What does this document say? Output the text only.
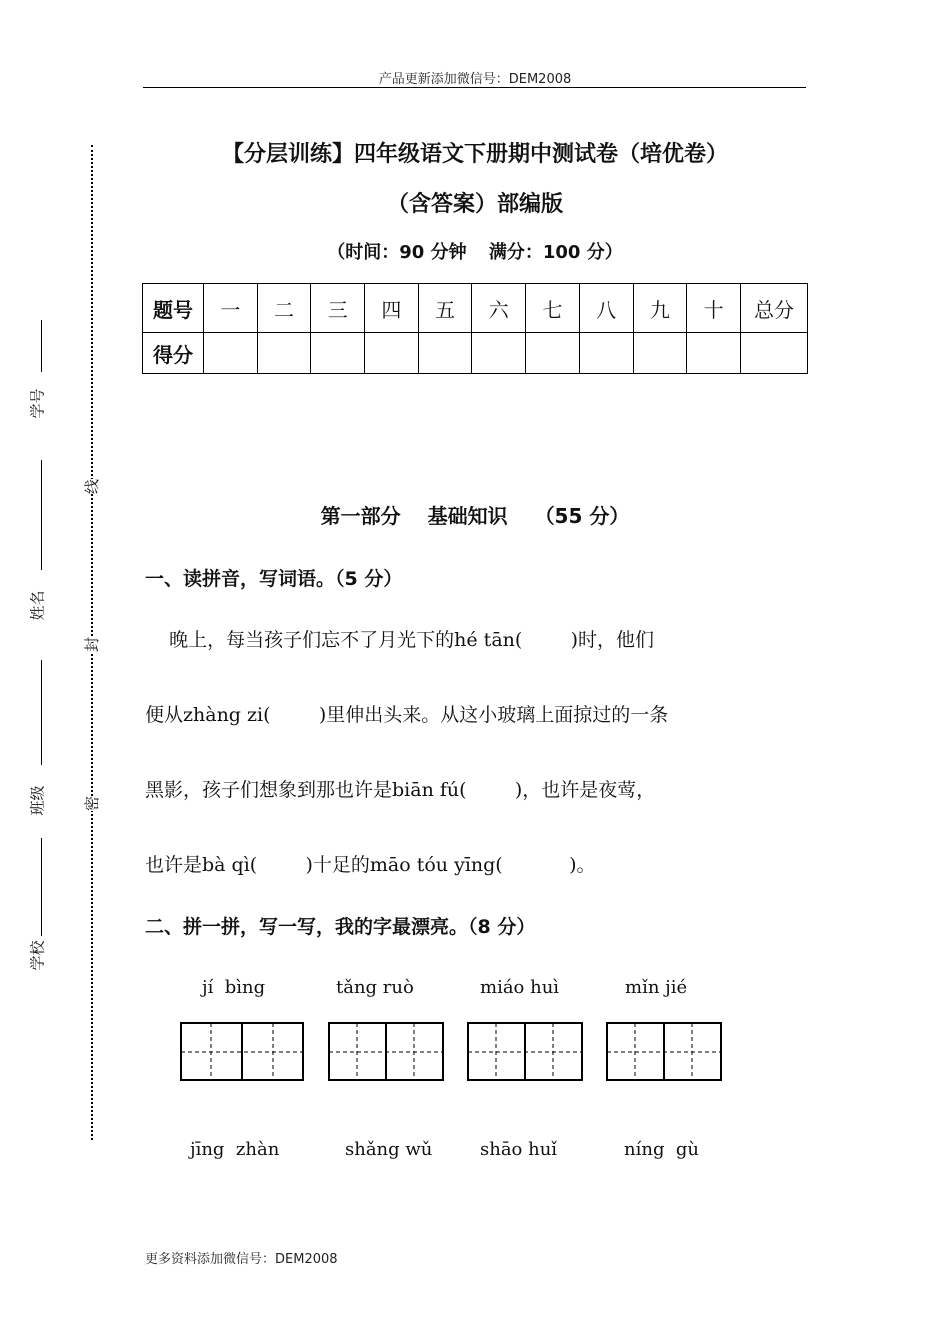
产品更新添加微信号：DEM2008
学校
班级
姓名
学号
密
封
线
【分层训练】四年级语文下册期中测试卷（培优卷）
（含答案）部编版
（时间：90 分钟 满分：100 分）
题号	一	二	三	四	五	六	七	八	九	十	总分
得分											
第一部分 基础知识 （55 分）
一、读拼音，写词语。（5 分）
晚上，每当孩子们忘不了月光下的hé tān(        )时，他们
便从zhàng zi(        )里伸出头来。从这小玻璃上面掠过的一条
黑影，孩子们想象到那也许是biān fú(        )，也许是夜莺，
也许是bà qì(        )十足的māo tóu yīng(           )。
二、拼一拼，写一写，我的字最漂亮。（8 分）
jí  bìng	tǎng ruò	miáo huì	mǐn jié
jīng  zhàn	shǎng wǔ	shāo huǐ	níng  gù
更多资料添加微信号：DEM2008
